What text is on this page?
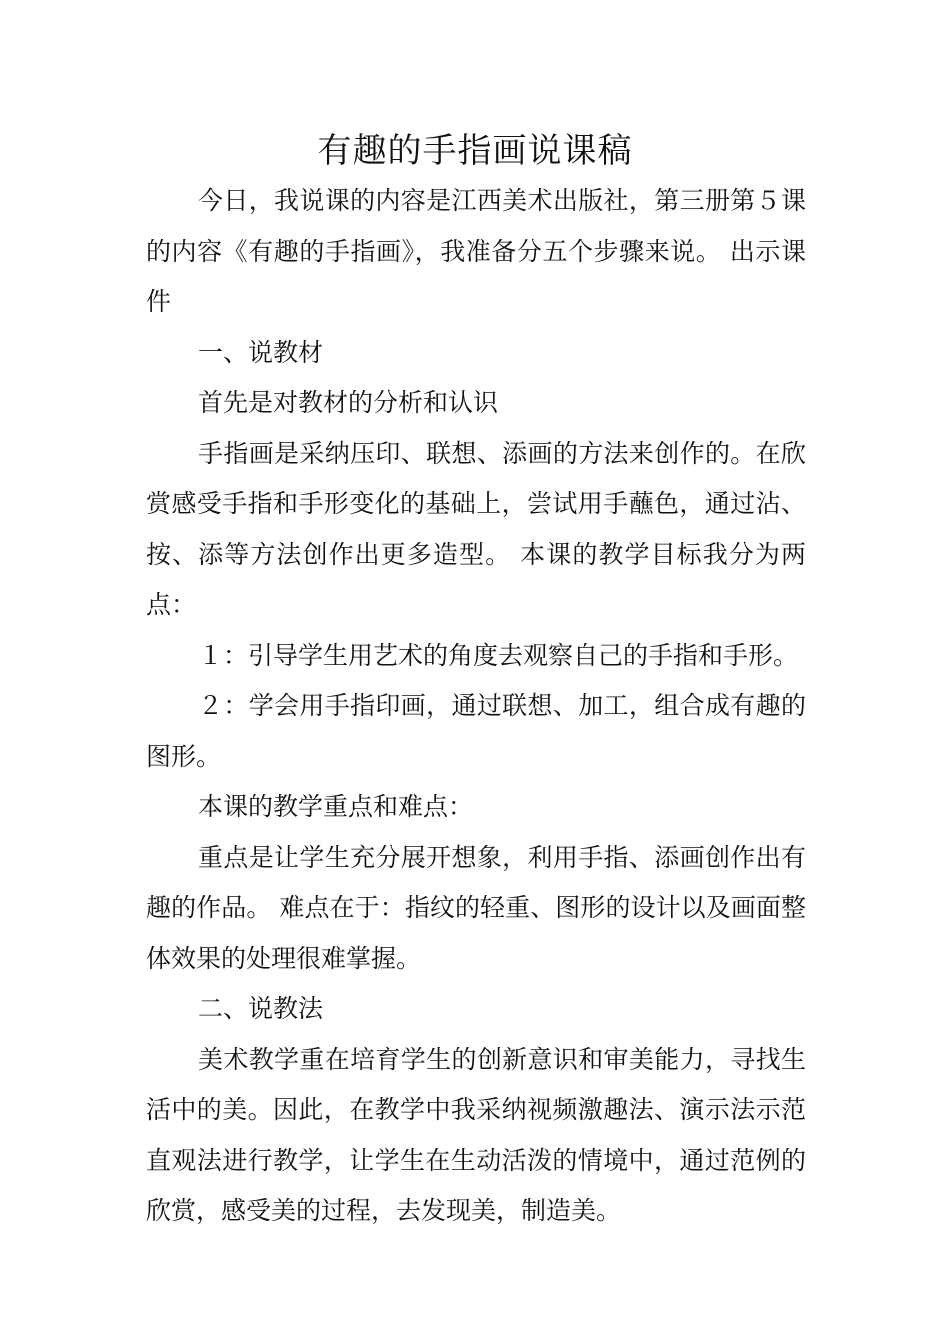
有趣的手指画说课稿

今日，我说课的内容是江西美术出版社，第三册第５课的内容《有趣的手指画》，我准备分五个步骤来说。 出示课件

一、说教材

首先是对教材的分析和认识

手指画是采纳压印、联想、添画的方法来创作的。在欣赏感受手指和手形变化的基础上，尝试用手蘸色，通过沾、按、添等方法创作出更多造型。 本课的教学目标我分为两点：

１：引导学生用艺术的角度去观察自己的手指和手形。

２：学会用手指印画，通过联想、加工，组合成有趣的图形。

本课的教学重点和难点：

重点是让学生充分展开想象，利用手指、添画创作出有趣的作品。 难点在于：指纹的轻重、图形的设计以及画面整体效果的处理很难掌握。

二、说教法

美术教学重在培育学生的创新意识和审美能力，寻找生活中的美。因此，在教学中我采纳视频激趣法、演示法示范直观法进行教学，让学生在生动活泼的情境中，通过范例的欣赏，感受美的过程，去发现美，制造美。
